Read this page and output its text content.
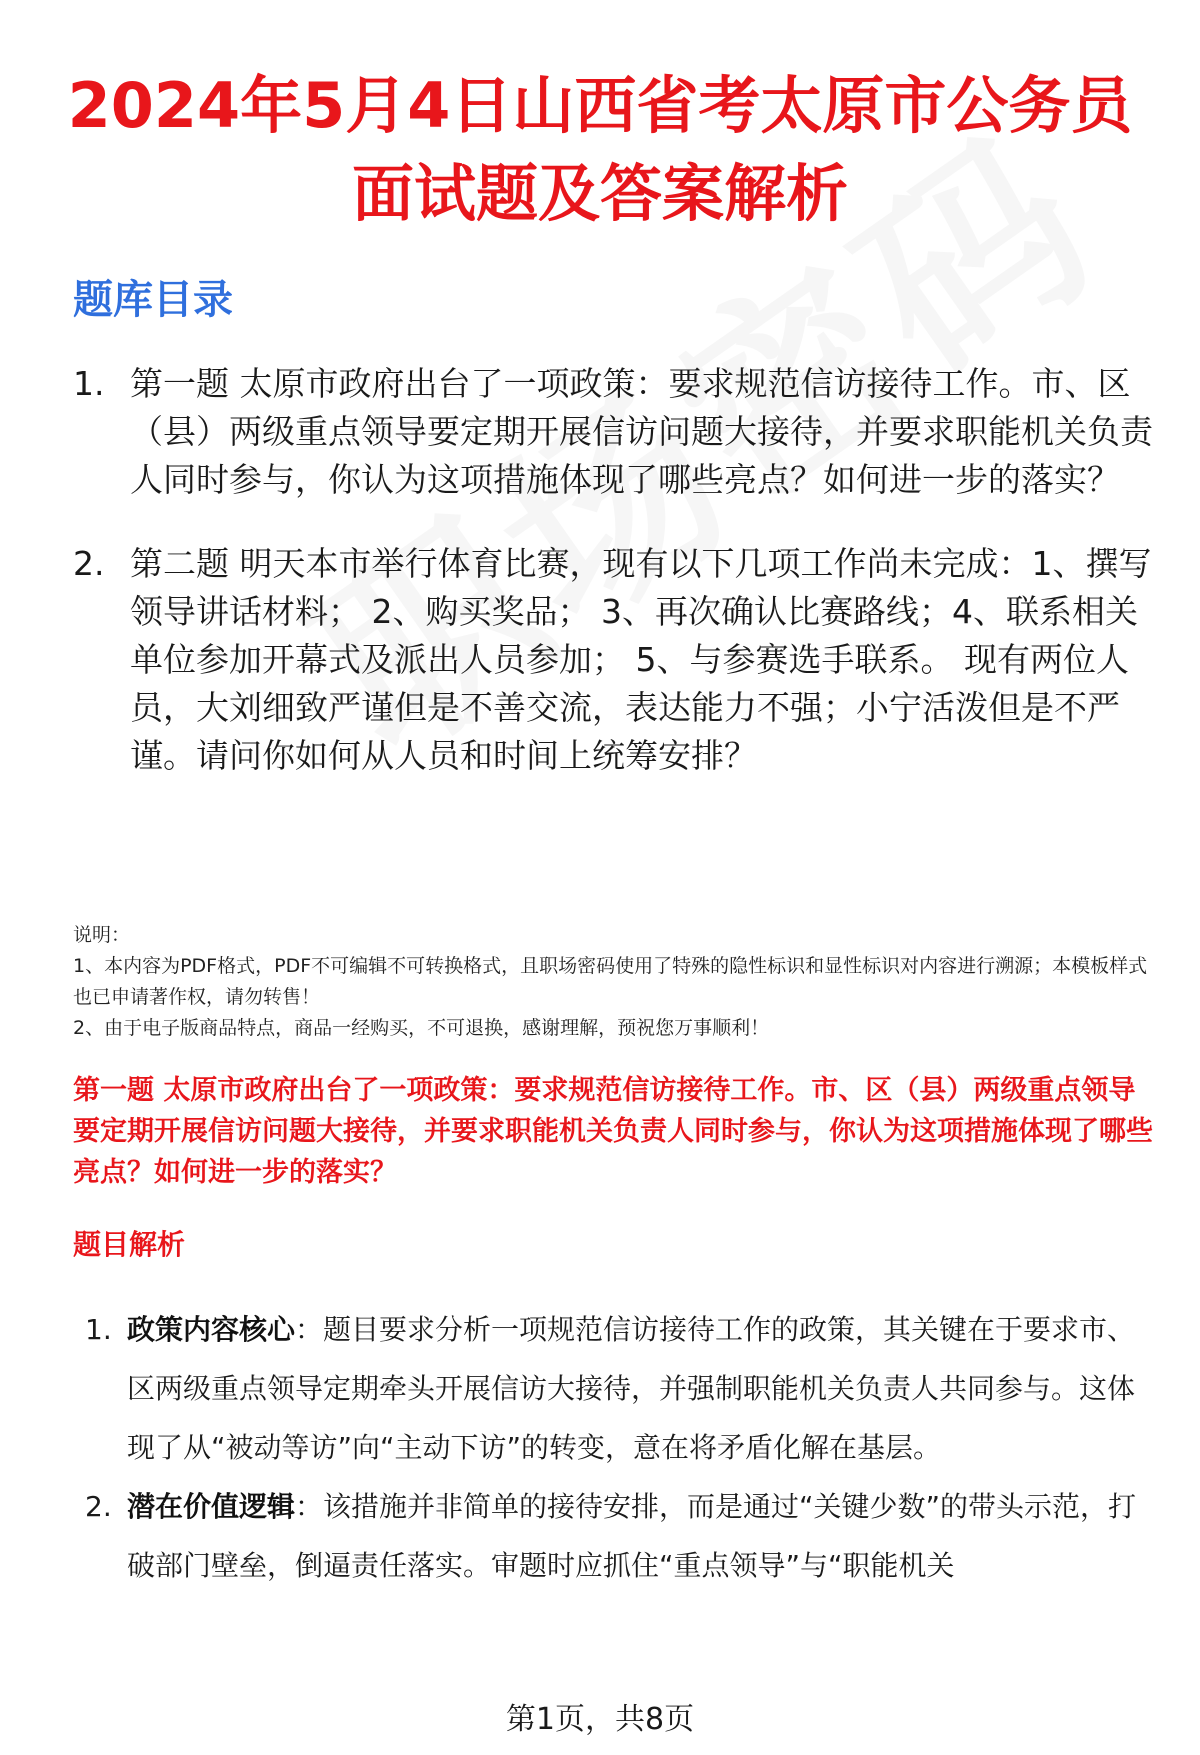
2024年5月4日山西省考太原市公务员面试题及答案解析
题库目录
1. 第一题 太原市政府出台了一项政策：要求规范信访接待工作。市、区（县）两级重点领导要定期开展信访问题大接待，并要求职能机关负责人同时参与，你认为这项措施体现了哪些亮点？如何进一步的落实？
2. 第二题 明天本市举行体育比赛，现有以下几项工作尚未完成：1、撰写领导讲话材料； 2、购买奖品； 3、再次确认比赛路线；4、联系相关单位参加开幕式及派出人员参加； 5、与参赛选手联系。 现有两位人员，大刘细致严谨但是不善交流，表达能力不强；小宁活泼但是不严谨。请问你如何从人员和时间上统筹安排？

说明：

1、本内容为PDF格式，PDF不可编辑不可转换格式，且职场密码使用了特殊的隐性标识和显性标识对内容进行溯源；本模板样式也已申请著作权，请勿转售！

2、由于电子版商品特点，商品一经购买，不可退换，感谢理解，预祝您万事顺利！

第一题 太原市政府出台了一项政策：要求规范信访接待工作。市、区（县）两级重点领导要定期开展信访问题大接待，并要求职能机关负责人同时参与，你认为这项措施体现了哪些亮点？如何进一步的落实？

题目解析
1. 政策内容核心：题目要求分析一项规范信访接待工作的政策，其关键在于要求市、区两级重点领导定期牵头开展信访大接待，并强制职能机关负责人共同参与。这体现了从“被动等访”向“主动下访”的转变，意在将矛盾化解在基层。
2. 潜在价值逻辑：该措施并非简单的接待安排，而是通过“关键少数”的带头示范，打破部门壁垒，倒逼责任落实。审题时应抓住“重点领导”与“职能机关
第1页，共8页
